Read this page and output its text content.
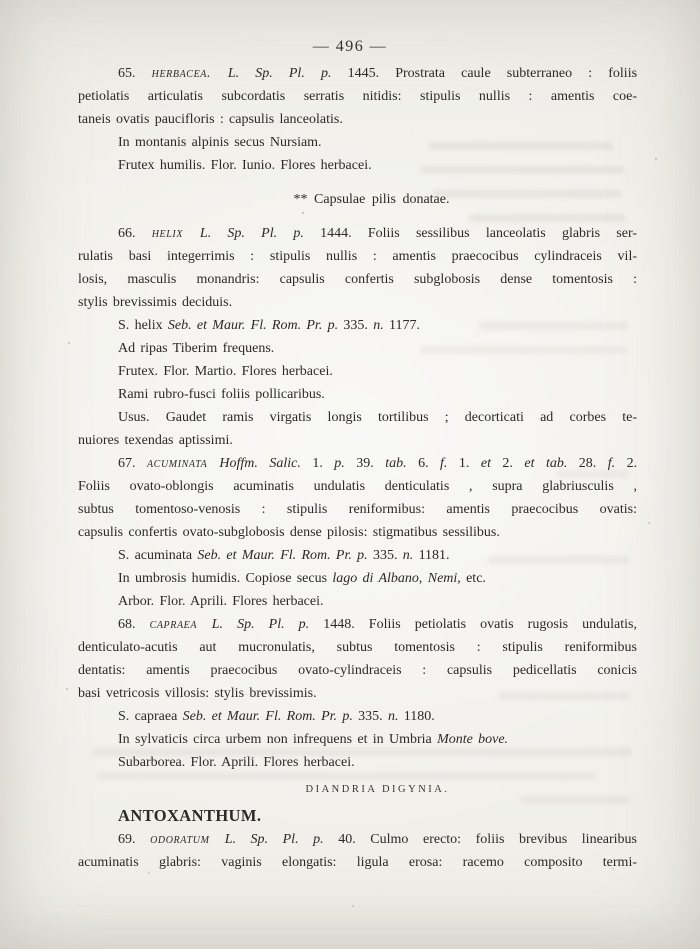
— 496 —
65. herbacea. L. Sp. Pl. p. 1445. Prostrata caule subterraneo : foliis
petiolatis articulatis subcordatis serratis nitidis: stipulis nullis : amentis coe-
taneis ovatis paucifloris : capsulis lanceolatis.
In montanis alpinis secus Nursiam.
Frutex humilis. Flor. Iunio. Flores herbacei.
** Capsulae pilis donatae.
66. helix L. Sp. Pl. p. 1444. Foliis sessilibus lanceolatis glabris ser-
rulatis basi integerrimis : stipulis nullis : amentis praecocibus cylindraceis vil-
losis, masculis monandris: capsulis confertis subglobosis dense tomentosis :
stylis brevissimis deciduis.
S. helix Seb. et Maur. Fl. Rom. Pr. p. 335. n. 1177.
Ad ripas Tiberim frequens.
Frutex. Flor. Martio. Flores herbacei.
Rami rubro-fusci foliis pollicaribus.
Usus. Gaudet ramis virgatis longis tortilibus ; decorticati ad corbes te-
nuiores texendas aptissimi.
67. acuminata Hoffm. Salic. 1. p. 39. tab. 6. f. 1. et 2. et tab. 28. f. 2.
Foliis ovato-oblongis acuminatis undulatis denticulatis , supra glabriusculis ,
subtus tomentoso-venosis : stipulis reniformibus: amentis praecocibus ovatis:
capsulis confertis ovato-subglobosis dense pilosis: stigmatibus sessilibus.
S. acuminata Seb. et Maur. Fl. Rom. Pr. p. 335. n. 1181.
In umbrosis humidis. Copiose secus lago di Albano, Nemi, etc.
Arbor. Flor. Aprili. Flores herbacei.
68. capraea L. Sp. Pl. p. 1448. Foliis petiolatis ovatis rugosis undulatis,
denticulato-acutis aut mucronulatis, subtus tomentosis : stipulis reniformibus
dentatis: amentis praecocibus ovato-cylindraceis : capsulis pedicellatis conicis
basi vetricosis villosis: stylis brevissimis.
S. capraea Seb. et Maur. Fl. Rom. Pr. p. 335. n. 1180.
In sylvaticis circa urbem non infrequens et in Umbria Monte bove.
Subarborea. Flor. Aprili. Flores herbacei.
DIANDRIA DIGYNIA.
ANTOXANTHUM.
69. odoratum L. Sp. Pl. p. 40. Culmo erecto: foliis brevibus linearibus
acuminatis glabris: vaginis elongatis: ligula erosa: racemo composito termi-
